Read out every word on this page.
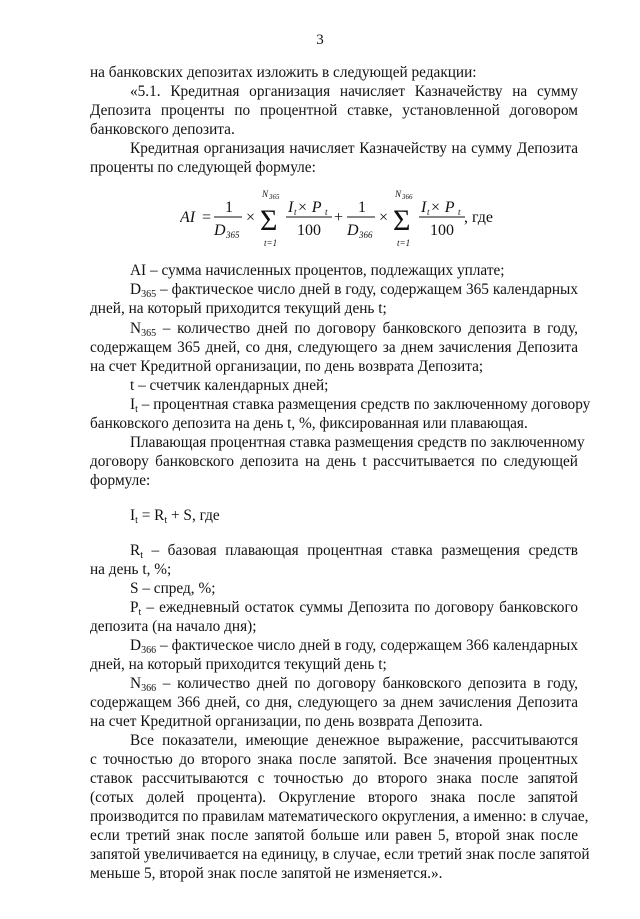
3
на банковских депозитах изложить в следующей редакции:
«5.1. Кредитная организация начисляет Казначейству на сумму
Депозита проценты по процентной ставке, установленной договором
банковского депозита.
Кредитная организация начисляет Казначейству на сумму Депозита
проценты по следующей формуле:
AI =
1
D 365
×
N 365
Σ
t=1
I t × P t
100
+
1
D 366
×
N 366
Σ
t=1
I t × P t
100
, где
AI – сумма начисленных процентов, подлежащих уплате;
$D_{365}$ – фактическое число дней в году, содержащем 365 календарных
дней, на который приходится текущий день t;
$N_{365}$ – количество дней по договору банковского депозита в году,
содержащем 365 дней, со дня, следующего за днем зачисления Депозита
на счет Кредитной организации, по день возврата Депозита;
t – счетчик календарных дней;
$I_t$ – процентная ставка размещения средств по заключенному договору
банковского депозита на день t, %, фиксированная или плавающая.
Плавающая процентная ставка размещения средств по заключенному
договору банковского депозита на день t рассчитывается по следующей
формуле:
$I_t = R_t + S$, где
$R_t$ – базовая плавающая процентная ставка размещения средств
на день t, %;
S – спред, %;
$P_t$ – ежедневный остаток суммы Депозита по договору банковского
депозита (на начало дня);
$D_{366}$ – фактическое число дней в году, содержащем 366 календарных
дней, на который приходится текущий день t;
$N_{366}$ – количество дней по договору банковского депозита в году,
содержащем 366 дней, со дня, следующего за днем зачисления Депозита
на счет Кредитной организации, по день возврата Депозита.
Все показатели, имеющие денежное выражение, рассчитываются
с точностью до второго знака после запятой. Все значения процентных
ставок рассчитываются с точностью до второго знака после запятой
(сотых долей процента). Округление второго знака после запятой
производится по правилам математического округления, а именно: в случае,
если третий знак после запятой больше или равен 5, второй знак после
запятой увеличивается на единицу, в случае, если третий знак после запятой
меньше 5, второй знак после запятой не изменяется.».
